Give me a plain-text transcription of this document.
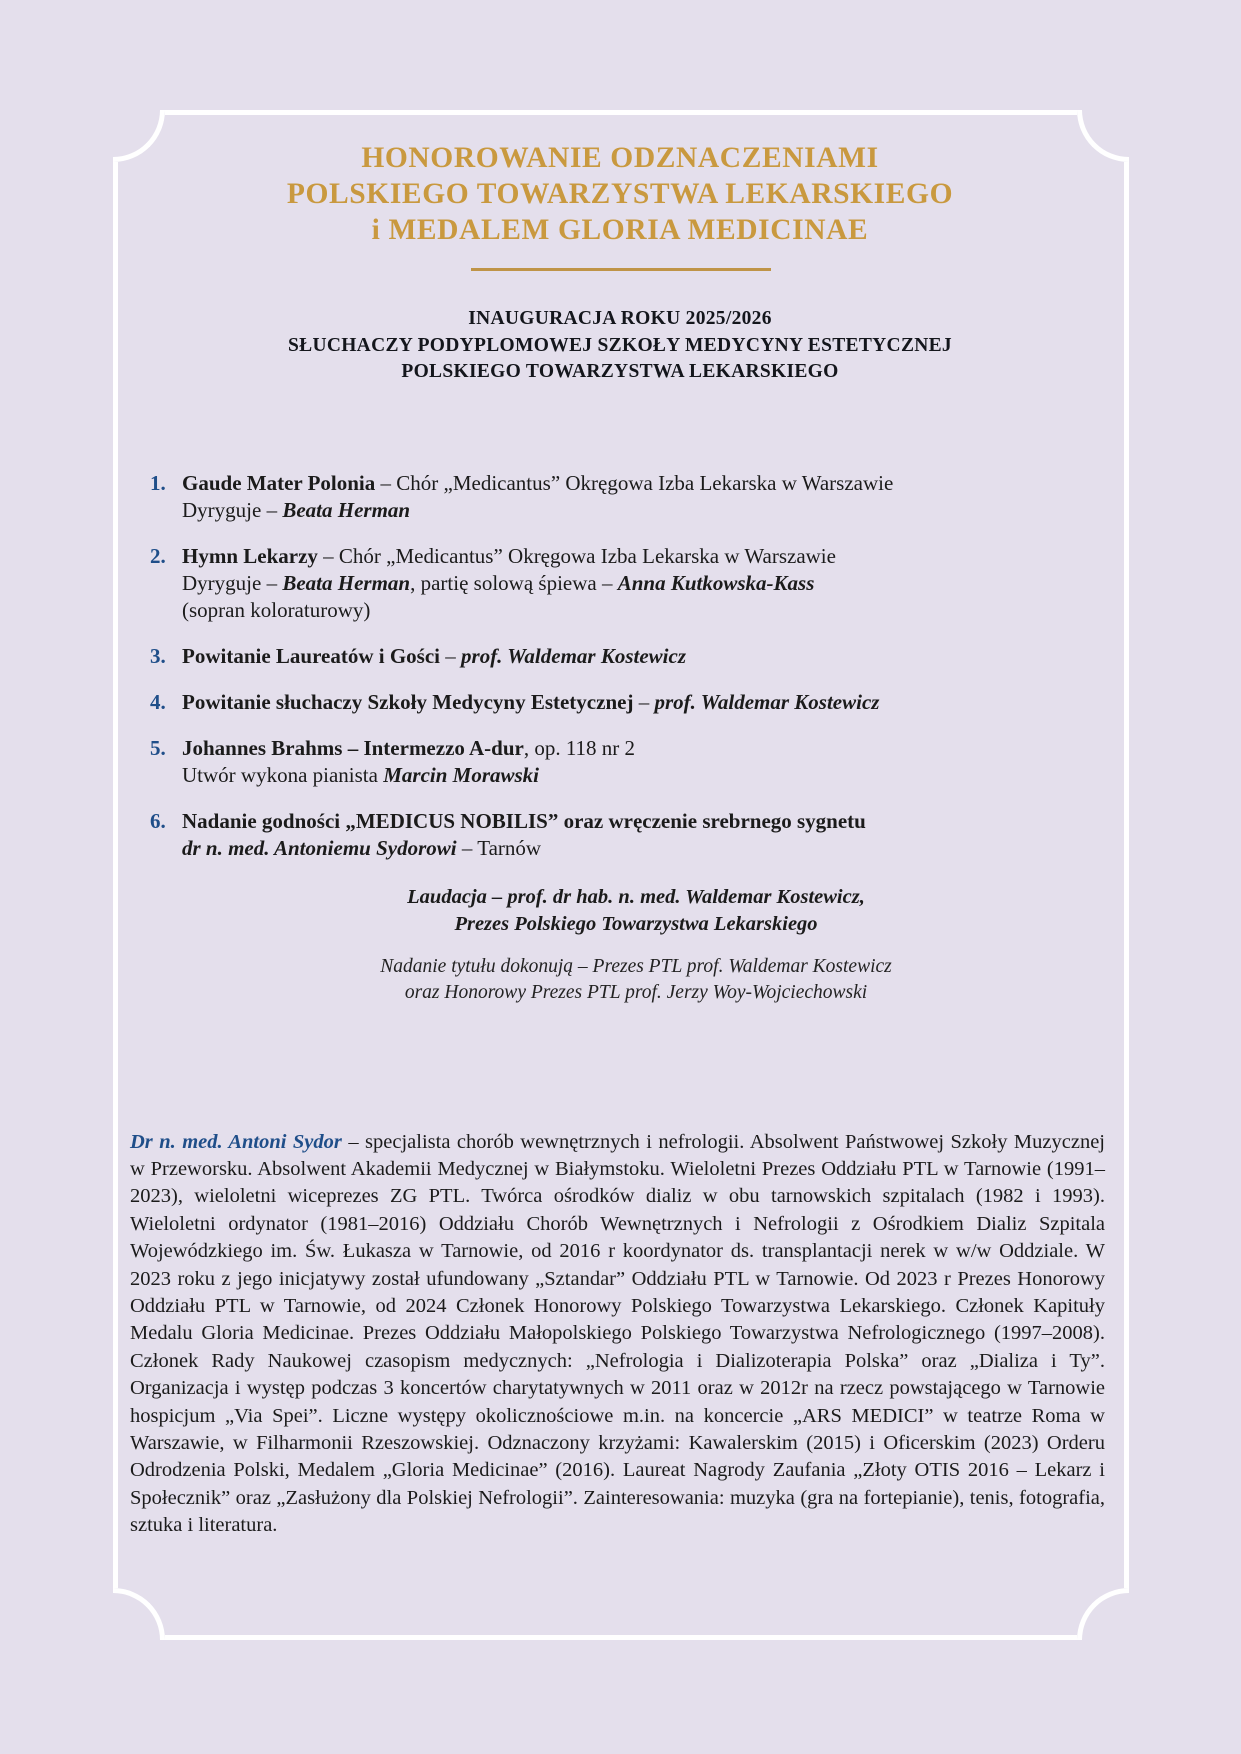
HONOROWANIE ODZNACZENIAMI
POLSKIEGO TOWARZYSTWA LEKARSKIEGO
i MEDALEM GLORIA MEDICINAE
INAUGURACJA ROKU 2025/2026
SŁUCHACZY PODYPLOMOWEJ SZKOŁY MEDYCYNY ESTETYCZNEJ
POLSKIEGO TOWARZYSTWA LEKARSKIEGO
1. Gaude Mater Polonia – Chór „Medicantus” Okręgowa Izba Lekarska w Warszawie
Dyryguje – Beata Herman
2. Hymn Lekarzy – Chór „Medicantus” Okręgowa Izba Lekarska w Warszawie
Dyryguje – Beata Herman, partię solową śpiewa – Anna Kutkowska-Kass
(sopran koloraturowy)
3. Powitanie Laureatów i Gości – prof. Waldemar Kostewicz
4. Powitanie słuchaczy Szkoły Medycyny Estetycznej – prof. Waldemar Kostewicz
5. Johannes Brahms – Intermezzo A-dur, op. 118 nr 2
Utwór wykona pianista Marcin Morawski
6. Nadanie godności „MEDICUS NOBILIS” oraz wręczenie srebrnego sygnetu
dr n. med. Antoniemu Sydorowi – Tarnów
Laudacja – prof. dr hab. n. med. Waldemar Kostewicz,
Prezes Polskiego Towarzystwa Lekarskiego
Nadanie tytułu dokonują – Prezes PTL prof. Waldemar Kostewicz
oraz Honorowy Prezes PTL prof. Jerzy Woy-Wojciechowski

Dr n. med. Antoni Sydor – specjalista chorób wewnętrznych i nefrologii. Absolwent Państwowej Szkoły Muzycznej w Przeworsku. Absolwent Akademii Medycznej w Białymstoku. Wieloletni Prezes Oddziału PTL w Tarnowie (1991–2023), wieloletni wiceprezes ZG PTL. Twórca ośrodków dializ w obu tarnowskich szpitalach (1982 i 1993). Wieloletni ordynator (1981–2016) Oddziału Chorób Wewnętrznych i Nefrologii z Ośrodkiem Dializ Szpitala Wojewódzkiego im. Św. Łukasza w Tarnowie, od 2016 r koordynator ds. transplantacji nerek w w/w Oddziale. W 2023 roku z jego inicjatywy został ufundowany „Sztandar” Oddziału PTL w Tarnowie. Od 2023 r Prezes Honorowy Oddziału PTL w Tarnowie, od 2024 Członek Honorowy Polskiego Towarzystwa Lekarskiego. Członek Kapituły Medalu Gloria Medicinae. Prezes Oddziału Małopolskiego Polskiego Towarzystwa Nefrologicznego (1997–2008). Członek Rady Naukowej czasopism medycznych: „Nefrologia i Dializoterapia Polska” oraz „Dializa i Ty”. Organizacja i występ podczas 3 koncertów charytatywnych w 2011 oraz w 2012r na rzecz powstającego w Tarnowie hospicjum „Via Spei”. Liczne występy okolicznościowe m.in. na koncercie „ARS MEDICI” w teatrze Roma w Warszawie, w Filharmonii Rzeszowskiej. Odznaczony krzyżami: Kawalerskim (2015) i Oficerskim (2023) Orderu Odrodzenia Polski, Medalem „Gloria Medicinae” (2016). Laureat Nagrody Zaufania „Złoty OTIS 2016 – Lekarz i Społecznik” oraz „Zasłużony dla Polskiej Nefrologii”. Zainteresowania: muzyka (gra na fortepianie), tenis, fotografia, sztuka i literatura.
